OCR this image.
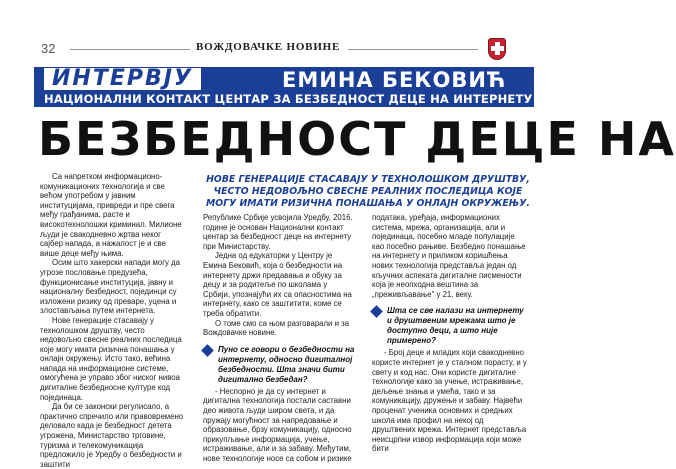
32	ВОЖДОВАЧКЕ НОВИНЕ
ИНТЕРВЈУ	ЕМИНА БЕКОВИЋ
НАЦИОНАЛНИ КОНТАКТ ЦЕНТАР ЗА БЕЗБЕДНОСТ ДЕЦЕ НА ИНТЕРНЕТУ
БЕЗБЕДНОСТ ДЕЦЕ НА
НОВЕ ГЕНЕРАЦИЈЕ СТАСАВАЈУ У ТЕХНОЛОШКОМ ДРУШТВУ, ЧЕСТО НЕДОВОЉНО СВЕСНЕ РЕАЛНИХ ПОСЛЕДИЦА КОЈЕ МОГУ ИМАТИ РИЗИЧНА ПОНАШАЊА У ОНЛАЈН ОКРУЖЕЊУ.

Са напретком информационо-комуникационих технологија и све већом употребом у јавним институцијама, привреди и пре свега међу грађанима, расте и високотехнолошки криминал. Милионе људи је свакодневно жртва неког сајбер напада, а нажалост је и све више деце међу њима.

Осим што хакерски напади могу да угрозе пословање предузећа, функционисање институција, јавну и националну безбедност, појединци су изложени ризику од преваре, уцена и злостављања путем интернета.

Нове генерације стасавају у технолошком друштву, често недовољно свесне реалних последица које могу имати ризична понашања у онлајн окружењу. Исто тако, већина напада на информационе системе, омогућена је управо због ниског нивоа дигиталне безбедносне културе код појединаца.

Да би се законски регулисало, а практично спречило или правовремено деловало када је безбедност детета угрожена, Министарство трговине, туризма и телекомуникација предложило је Уредбу о безбедности и заштити

Републике Србије усвојила Уредбу, 2016. године је основан Национални контакт центар за безбедност деце на интернету при Министарству.

Једна од едукаторки у Центру је Емина Бековић, која о безбедности на интернету држи предавања и обуку за децу и за родитеље по школама у Србији, упознајући их са опасностима на интернету, како се заштитити, коме се треба обратити.

О томе смо са њом разговарали и за Вождовачке новине.

Пуно се говори о безбедности на интернету, односно дигиталној безбедности. Шта значи бити дигитално безбедан?

- Неспорно је да су интернет и дигитална технологија постали саставни део живота људи широм света, и да пружају могућност за напредовање и образовање, брзу комуникацију, односно прикупљање информација, учење, истраживање, али и за забаву. Међутим, нове технологије носе са собом и ризике

података, уређаја, информационих система, мрежа, организација, али и појединаца, посебно младе популације као посебно рањиве. Безбедно понашање на интернету и приликом коришћења нових технологија представља један од кључних аспеката дигиталне писмености која је неопходна вештина за „преживљавање" у 21. веку.

Шта се све налази на интернету и друштвеним мрежама што је доступно деци, а што није примерено?

- Број деце и младих који свакодневно користе интернет је у сталном порасту, и у свету и код нас. Они користе дигиталне технологије како за учење, истраживање, дељење знања и умећа, тако и за комуникацију, дружење и забаву. Највећи проценат ученика основних и средњих школа има профил на некој од друштвених мрежа. Интернет представља неисцрпни извор информација који може бити
